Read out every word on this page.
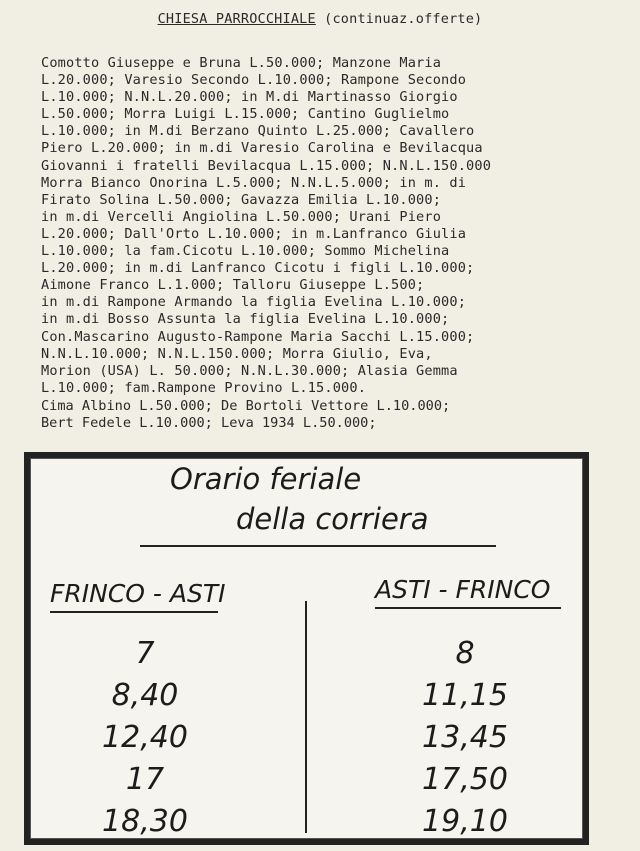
CHIESA PARROCCHIALE (continuaz.offerte)
Comotto Giuseppe e Bruna L.50.000; Manzone Maria
L.20.000; Varesio Secondo L.10.000; Rampone Secondo
L.10.000; N.N.L.20.000; in M.di Martinasso Giorgio
L.50.000; Morra Luigi L.15.000; Cantino Guglielmo
L.10.000; in M.di Berzano Quinto L.25.000; Cavallero
Piero L.20.000; in m.di Varesio Carolina e Bevilacqua
Giovanni i fratelli Bevilacqua L.15.000; N.N.L.150.000
Morra Bianco Onorina L.5.000; N.N.L.5.000; in m. di
Firato Solina L.50.000; Gavazza Emilia L.10.000;
in m.di Vercelli Angiolina L.50.000; Urani Piero
L.20.000; Dall'Orto L.10.000; in m.Lanfranco Giulia
L.10.000; la fam.Cicotu L.10.000; Sommo Michelina
L.20.000; in m.di Lanfranco Cicotu i figli L.10.000;
Aimone Franco L.1.000; Talloru Giuseppe L.500;
in m.di Rampone Armando la figlia Evelina L.10.000;
in m.di Bosso Assunta la figlia Evelina L.10.000;
Con.Mascarino Augusto-Rampone Maria Sacchi L.15.000;
N.N.L.10.000; N.N.L.150.000; Morra Giulio, Eva,
Morion (USA) L. 50.000; N.N.L.30.000; Alasia Gemma
L.10.000; fam.Rampone Provino L.15.000.
Cima Albino L.50.000; De Bortoli Vettore L.10.000;
Bert Fedele L.10.000; Leva 1934 L.50.000;
Orario feriale
della corriera
FRINCO - ASTI	ASTI - FRINCO
7
8,40
12,40
17
18,30
8
11,15
13,45
17,50
19,10
